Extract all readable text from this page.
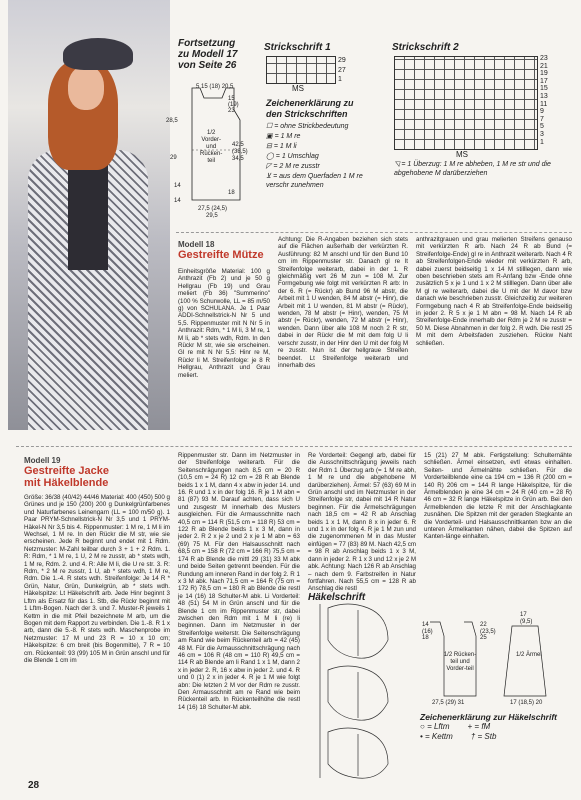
Fortsetzung
zu Modell 17
von Seite 26
5 15 (18) 20,5
28,5
29
1/2
Vorder-
und
Rücken-
teil
15
(19)
23
42,5
(38,5)
34,5
14
14
18
27,5 (24,5)
29,5
Strickschrift 1
29
27
1
MS
Strickschrift 2
23
21
19
17
15
13
11
9
7
5
3
1
MS
Zeichenerklärung zu
den Strickschriften
☐ = ohne Strickbedeutung
▣ = 1 M re
⊟ = 1 M li
◯ = 1 Umschlag
◸ = 2 M re zusstr
⊻ = aus dem Querfaden 1 M re verschr zunehmen
◹ = 1 Überzug: 1 M re abheben, 1 M re str und die abgehobene M darüberziehen
Modell 18
Gestreifte Mütze
Einheitsgröße Material: 100 g Anthrazit (Fb 2) und je 50 g Hellgrau (Fb 19) und Grau meliert (Fb 36) "Summerino" (100 % Schurwolle, LL = 85 m/50 g) von SCHULANA. Je 1 Paar ADDI-Schnellstrick-N Nr 5 und 5,5. Rippenmuster mit N Nr 5 in Anthrazit: Rdm, * 1 M li, 3 M re, 1 M li, ab * stets wdh, Rdm. In den Rückr M str, wie sie erscheinen. Gl re mit N Nr 5,5: Hinr re M, Rückr li M. Streifenfolge: je 8 R Hellgrau, Anthrazit und Grau meliert.
Achtung: Die R-Angaben beziehen sich stets auf die Flächen außerhalb der verkürzten R. Ausführung: 82 M anschl und für den Bund 10 cm im Rippenmuster str. Danach gl re lt Streifenfolge weiterarb, dabei in der 1. R gleichmäßig vert 26 M zun = 108 M. Zur Formgebung wie folgt mit verkürzten R arb: In der 6. R (= Rückr) ab Bund 96 M abstr, die Arbeit mit 1 U wenden, 84 M abstr (= Hinr), die Arbeit mit 1 U wenden, 81 M abstr (= Rückr), wenden, 78 M abstr (= Hinr), wenden, 75 M abstr (= Rückr), wenden, 72 M abstr (= Hinr), wenden. Dann über alle 108 M noch 2 R str, dabei in der Rückr die M mit dem folg U li verschr zusstr, in der Hinr den U mit der folg M re zusstr. Nun ist der hellgraue Streifen beendet. Lt Streifenfolge weiterarb und innerhalb des
anthrazitgrauen und grau melierten Streifens genauso mit verkürzten R arb. Nach 24 R ab Bund (= Streifenfolge-Ende) gl re in Anthrazit weiterarb. Nach 4 R ab Streifenfolgen-Ende wieder mit verkürzten R arb, dabei zuerst beidseitig 1 x 14 M stilllegen, dann wie oben beschrieben stets am R-Anfang bzw -Ende ohne zusätzlich 5 x je 1 und 1 x 2 M stilllegen. Dann über alle M gl re weiterarb, dabei die U mit der M davor bzw danach wie beschrieben zusstr. Gleichzeitig zur weiteren Formgebung nach 4 R ab Streifenfolge-Ende beidseitig in jeder 2. R 5 x je 1 M abn = 98 M. Nach 14 R ab Streifenfolge-Ende innerhalb der Rdm je 2 M re zusstr = 50 M. Diese Abnahmen in der folg 2. R wdh. Die restl 25 M mit dem Arbeitsfaden zusziehen. Rückw Naht schließen.
Modell 19
Gestreifte Jacke
mit Häkelblende
Größe: 36/38 (40/42) 44/46 Material: 400 (450) 500 g Grünes und je 150 (200) 200 g Dunkelgrünfarbenes und Naturfarbenes Leinengarn (LL = 100 m/50 g). 1 Paar PRYM-Schnellstrick-N Nr 3,5 und 1 PRYM-Häkel-N Nr 3,5 bis 4. Rippenmuster: 1 M re, 1 M li im Wechsel, 1 M re. In den Rückr die M str, wie sie erscheinen. Jede R beginnt und endet mit 1 Rdm. Netzmuster: M-Zahl teilbar durch 3 + 1 + 2 Rdm. 1. R: Rdm, * 1 M re, 1 U, 2 M re zusstr, ab * stets wdh, 1 M re, Rdm. 2. und 4. R: Alle M li, die U re str. 3. R: Rdm, * 2 M re zusstr, 1 U, ab * stets wdh, 1 M re, Rdm. Die 1.-4. R stets wdh. Streifenfolge: Je 14 R * Grün, Natur, Grün, Dunkelgrün, ab * stets wdh. Häkelspitze: Lt Häkelschrift arb. Jede Hinr beginnt 3 Lftm als Ersatz für das 1. Stb, die Rückr beginnt mit 1 Lftm-Bogen. Nach der 3. und 7. Muster-R jeweils 1 Kettm in die mit Pfeil bezeichnete M arb, um die Bogen mit dem Rapport zu verbinden. Die 1.-8. R 1 x arb, dann die 5.-8. R stets wdh. Maschenprobe im Netzmuster: 17 M und 23 R = 10 x 10 cm; Häkelspitze: 6 cm breit (bis Bogenmitte), 7 R = 10 cm. Rückenteil: 93 (99) 105 M in Grün anschl und für die Blende 1 cm im
Rippenmuster str. Dann im Netzmuster in der Streifenfolge weiterarb. Für die Seitenschrägungen nach 8,5 cm = 20 R (10,5 cm = 24 R) 12 cm = 28 R ab Blende beids 1 x 1 M, dann 4 x abw in jeder 14. und 16. R und 1 x in der folg 16. R je 1 M abn = 81 (87) 93 M. Darauf achten, dass sich U und zusgestr M innerhalb des Musters ausgleichen. Für die Armausschnitte nach 40,5 cm = 114 R (51,5 cm = 118 R) 53 cm = 122 R ab Blende beids 1 x 3 M, dann in jeder 2. R 2 x je 2 und 2 x je 1 M abn = 63 (69) 75 M. Für den Halsausschnitt nach 68,5 cm = 158 R (72 cm = 166 R) 75,5 cm = 174 R ab Blende die mittl 29 (31) 33 M abk und beide Seiten getrennt beenden. Für die Rundung am inneren Rand in der folg 2. R 1 x 3 M abk. Nach 71,5 cm = 164 R (75 cm = 172 R) 78,5 cm = 180 R ab Blende die restl je 14 (16) 18 Schulter-M abk. Li Vorderteil: 48 (51) 54 M in Grün anschl und für die Blende 1 cm im Rippenmuster str, dabei zwischen den Rdm mit 1 M li (re) li beginnen. Dann im Netzmuster in der Streifenfolge weiterstr. Die Seitenschrägung am Rand wie beim Rückenteil arb = 42 (45) 48 M. Für die Armausschnittschrägung nach 46 cm = 106 R (48 cm = 110 R) 49,5 cm = 114 R ab Blende am li Rand 1 x 1 M, dann 2 x in jeder 2. R, 16 x abw in jeder 2. und 4. R und 0 (1) 2 x in jeder 4. R je 1 M wie folgt abn: Die letzten 2 M vor der Rdm re zusstr. Den Armausschnitt am re Rand wie beim Rückenteil arb. In Rückenteilhöhe die restl 14 (16) 18 Schulter-M abk.
Re Vorderteil: Gegengl arb, dabei für die Ausschnittschrägung jeweils nach der Rdm 1 Überzug arb (= 1 M re abh, 1 M re und die abgehobene M darüberziehen). Ärmel: 57 (63) 69 M in Grün anschl und im Netzmuster in der Streifenfolge str, dabei mit 14 R Natur beginnen. Für die Ärmelschrägungen nach 18,5 cm = 42 R ab Anschlag beids 1 x 1 M, dann 8 x in jeder 6. R und 1 x in der folg 4. R je 1 M zun und die zugenommenen M in das Muster einfügen = 77 (83) 89 M. Nach 42,5 cm = 98 R ab Anschlag beids 1 x 3 M, dann in jeder 2. R 1 x 3 und 12 x je 2 M abk. Achtung: Nach 126 R ab Anschlag – nach dem 9. Farbstreifen in Natur fortfahren. Nach 55,5 cm = 128 R ab Anschlag die restl
15 (21) 27 M abk. Fertigstellung: Schulternähte schließen. Ärmel einsetzen, evtl etwas einhalten. Seiten- und Ärmelnähte schließen. Für die Vorderteilblende eine ca 194 cm = 136 R (200 cm = 140 R) 206 cm = 144 R lange Häkelspitze, für die Ärmelblenden je eine 34 cm = 24 R (40 cm = 28 R) 46 cm = 32 R lange Häkelspitze in Grün arb. Bei den Ärmelblenden die letzte R mit der Anschlagkante zusnähen. Die Spitzen mit der geraden Stegkante an die Vorderteil- und Halsausschnittkanten bzw an die unteren Ärmelkanten nähen, dabei die Spitzen auf Kanten-länge einhalten.
Häkelschrift
14
(16)
18
22
(23,5)
25
17
(9,5)
1/2 Rücken-teil und Vorder-teil
27,5 (29) 31
1/2 Ärmel
17 (18,5) 20
Zeichenerklärung zur Häkelschrift
○ = Lftm + = fM
• = Kettm † = Stb
28
